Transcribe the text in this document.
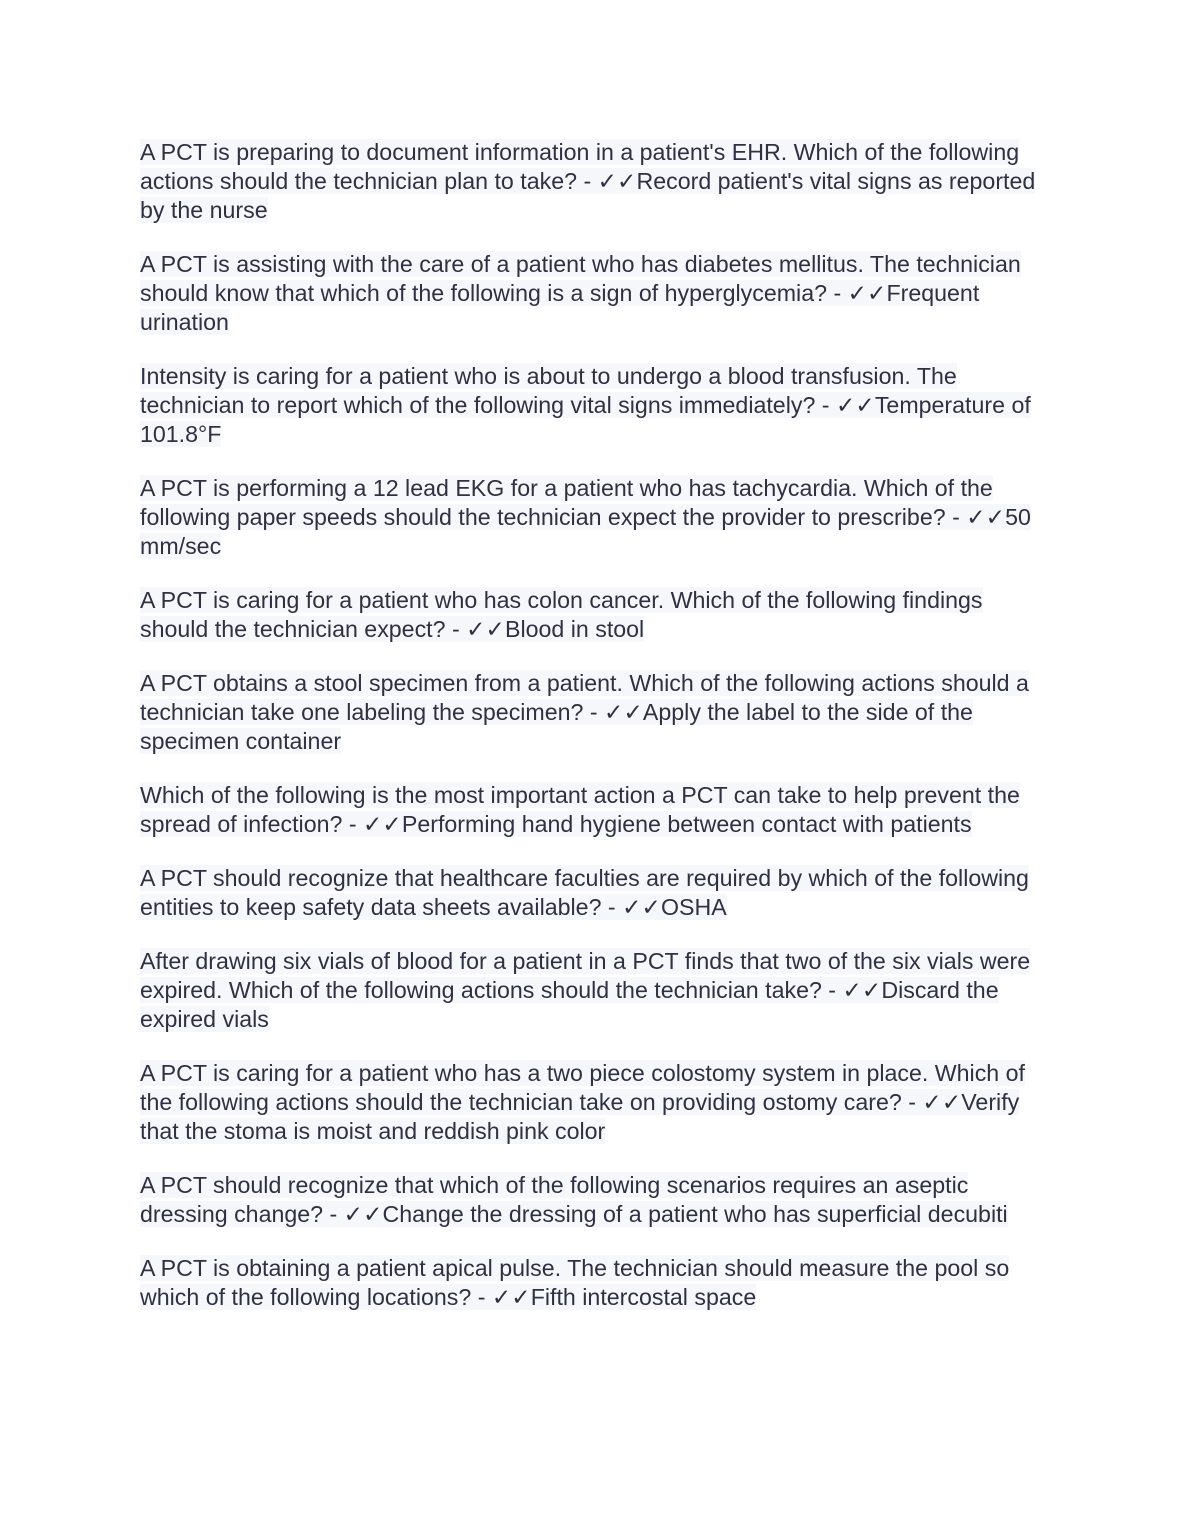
A PCT is preparing to document information in a patient's EHR. Which of the following actions should the technician plan to take? - ✓✓Record patient's vital signs as reported by the nurse

A PCT is assisting with the care of a patient who has diabetes mellitus. The technician should know that which of the following is a sign of hyperglycemia? - ✓✓Frequent urination

Intensity is caring for a patient who is about to undergo a blood transfusion. The technician to report which of the following vital signs immediately? - ✓✓Temperature of 101.8°F

A PCT is performing a 12 lead EKG for a patient who has tachycardia. Which of the following paper speeds should the technician expect the provider to prescribe? - ✓✓50 mm/sec

A PCT is caring for a patient who has colon cancer. Which of the following findings should the technician expect? - ✓✓Blood in stool

A PCT obtains a stool specimen from a patient. Which of the following actions should a technician take one labeling the specimen? - ✓✓Apply the label to the side of the specimen container

Which of the following is the most important action a PCT can take to help prevent the spread of infection? - ✓✓Performing hand hygiene between contact with patients

A PCT should recognize that healthcare faculties are required by which of the following entities to keep safety data sheets available? - ✓✓OSHA

After drawing six vials of blood for a patient in a PCT finds that two of the six vials were expired. Which of the following actions should the technician take? - ✓✓Discard the expired vials

A PCT is caring for a patient who has a two piece colostomy system in place. Which of the following actions should the technician take on providing ostomy care? - ✓✓Verify that the stoma is moist and reddish pink color

A PCT should recognize that which of the following scenarios requires an aseptic dressing change? - ✓✓Change the dressing of a patient who has superficial decubiti

A PCT is obtaining a patient apical pulse. The technician should measure the pool so which of the following locations? - ✓✓Fifth intercostal space
